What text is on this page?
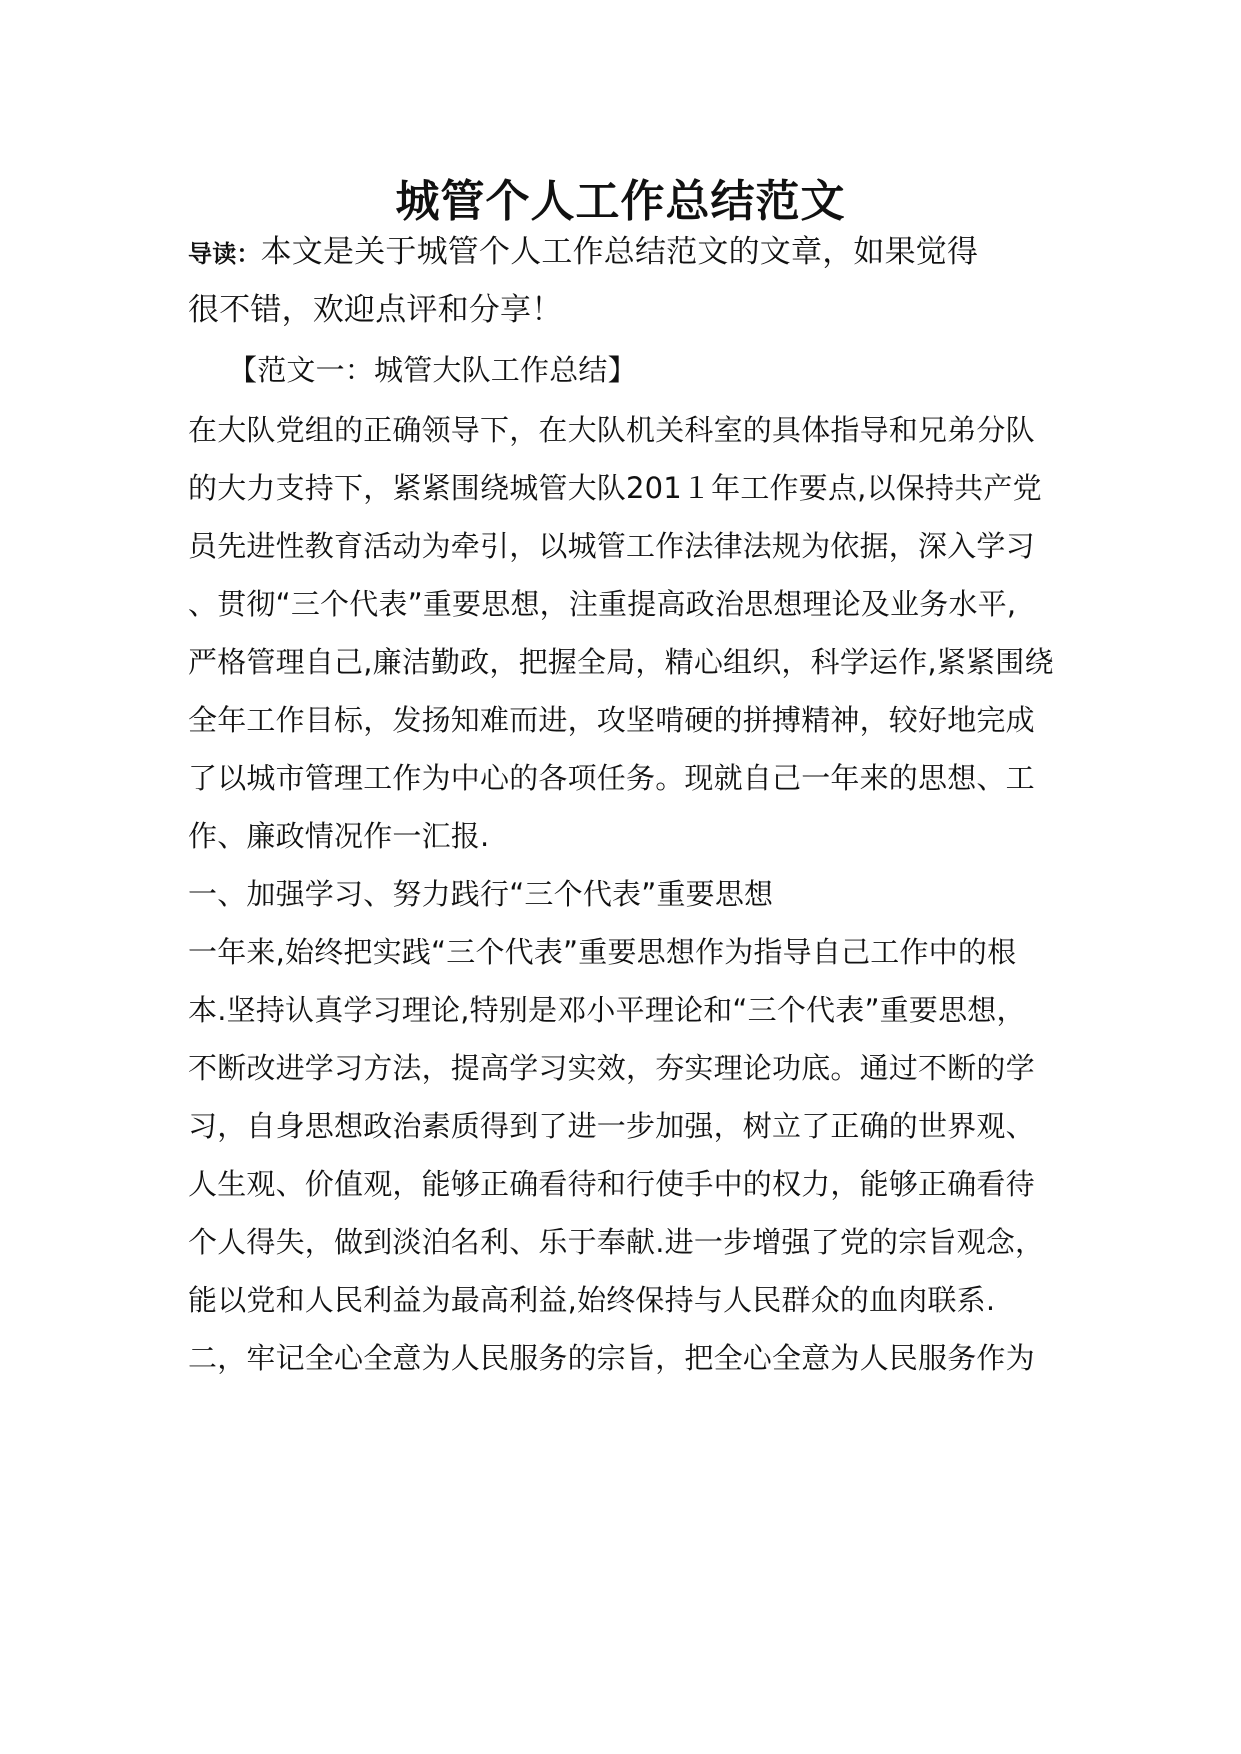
城管个人工作总结范文
导读：本文是关于城管个人工作总结范文的文章，如果觉得
很不错，欢迎点评和分享！
【范文一：城管大队工作总结】
在大队党组的正确领导下，在大队机关科室的具体指导和兄弟分队
的大力支持下，紧紧围绕城管大队201１年工作要点,以保持共产党
员先进性教育活动为牵引，以城管工作法律法规为依据，深入学习
、贯彻“三个代表”重要思想，注重提高政治思想理论及业务水平,
严格管理自己,廉洁勤政，把握全局，精心组织，科学运作,紧紧围绕
全年工作目标，发扬知难而进，攻坚啃硬的拼搏精神，较好地完成
了以城市管理工作为中心的各项任务。现就自己一年来的思想、工
作、廉政情况作一汇报.
一、加强学习、努力践行“三个代表”重要思想
一年来,始终把实践“三个代表”重要思想作为指导自己工作中的根
本.坚持认真学习理论,特别是邓小平理论和“三个代表”重要思想，
不断改进学习方法，提高学习实效，夯实理论功底。通过不断的学
习，自身思想政治素质得到了进一步加强，树立了正确的世界观、
人生观、价值观，能够正确看待和行使手中的权力，能够正确看待
个人得失，做到淡泊名利、乐于奉献.进一步增强了党的宗旨观念，
能以党和人民利益为最高利益,始终保持与人民群众的血肉联系.
二，牢记全心全意为人民服务的宗旨，把全心全意为人民服务作为
